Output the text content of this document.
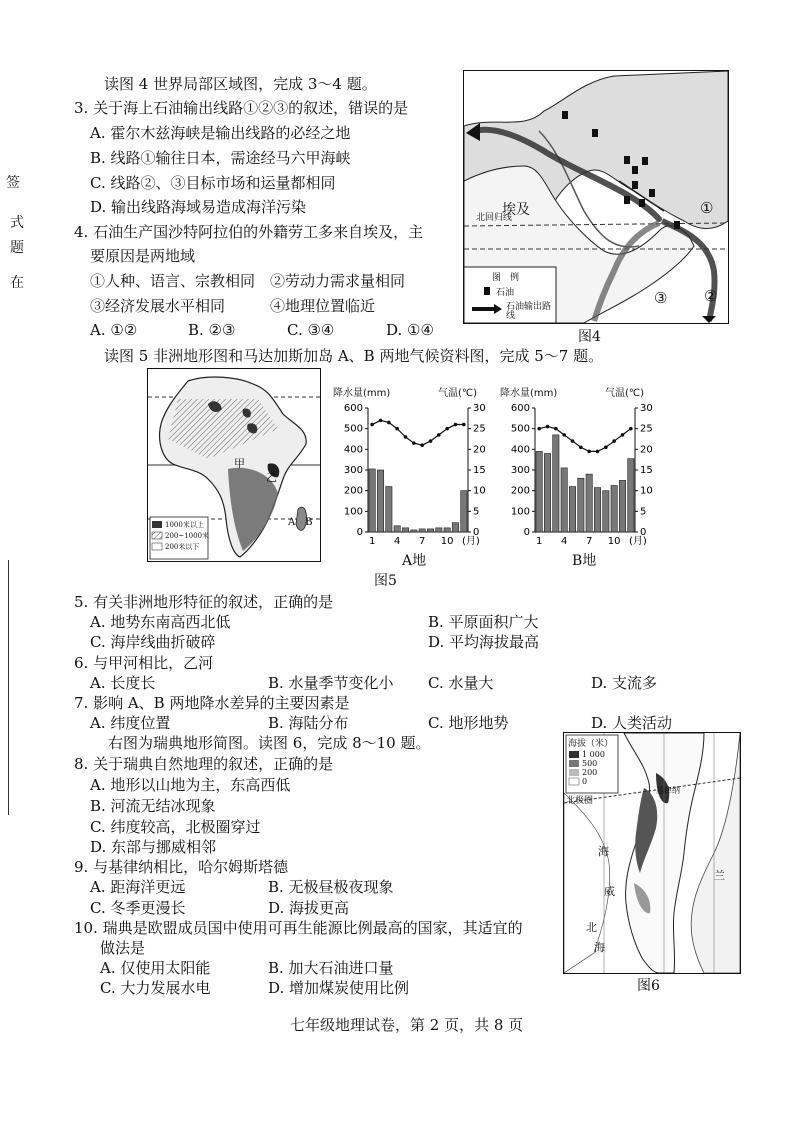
签
式
题
在
读图 4 世界局部区域图，完成 3～4 题。
3. 关于海上石油输出线路①②③的叙述，错误的是
A. 霍尔木兹海峡是输出线路的必经之地
B. 线路①输往日本，需途经马六甲海峡
C. 线路②、③目标市场和运量都相同
D. 输出线路海域易造成海洋污染
4. 石油生产国沙特阿拉伯的外籍劳工多来自埃及，主
要原因是两地域
①人种、语言、宗教相同 ②劳动力需求量相同
③经济发展水平相同	④地理位置临近
A. ①②	B. ②③	C. ③④	D. ①④
埃及
北回归线
图　例
石油
石油输出路线
①
②
③
图4
读图 5 非洲地形图和马达加斯加岛 A、B 两地气候资料图，完成 5～7 题。
甲
乙
A　B
1000米以上
200~1000米
200米以下
降水量(mm)	气温(℃)
600
500
400
300
200
100
0
30
25
20
15
10
5
0
1 4 7 10 (月)
A地
降水量(mm)	气温(℃)
600
500
400
300
200
100
0
30
25
20
15
10
5
0
1 4 7 10 (月)
B地
图5
5. 有关非洲地形特征的叙述，正确的是
A. 地势东南高西北低	B. 平原面积广大
C. 海岸线曲折破碎	D. 平均海拔最高
6. 与甲河相比，乙河
A. 长度长	B. 水量季节变化小 C. 水量大	D. 支流多
7. 影响 A、B 两地降水差异的主要因素是
A. 纬度位置	B. 海陆分布	C. 地形地势	D. 人类活动
右图为瑞典地形简图。读图 6，完成 8～10 题。
8. 关于瑞典自然地理的叙述，正确的是
A. 地形以山地为主，东高西低
B. 河流无结冰现象
C. 纬度较高，北极圈穿过
D. 东部与挪威相邻
9. 与基律纳相比，哈尔姆斯塔德
A. 距海洋更远	B. 无极昼极夜现象
C. 冬季更漫长	D. 海拔更高
10. 瑞典是欧盟成员国中使用可再生能源比例最高的国家，其适宜的
做法是
A. 仅使用太阳能	B. 加大石油进口量
C. 大力发展水电	D. 增加煤炭使用比例
海拔（米）
1 000
500
200
0
北极圈
基律纳
海
威
北
海
兰
图6
七年级地理试卷，第 2 页，共 8 页
